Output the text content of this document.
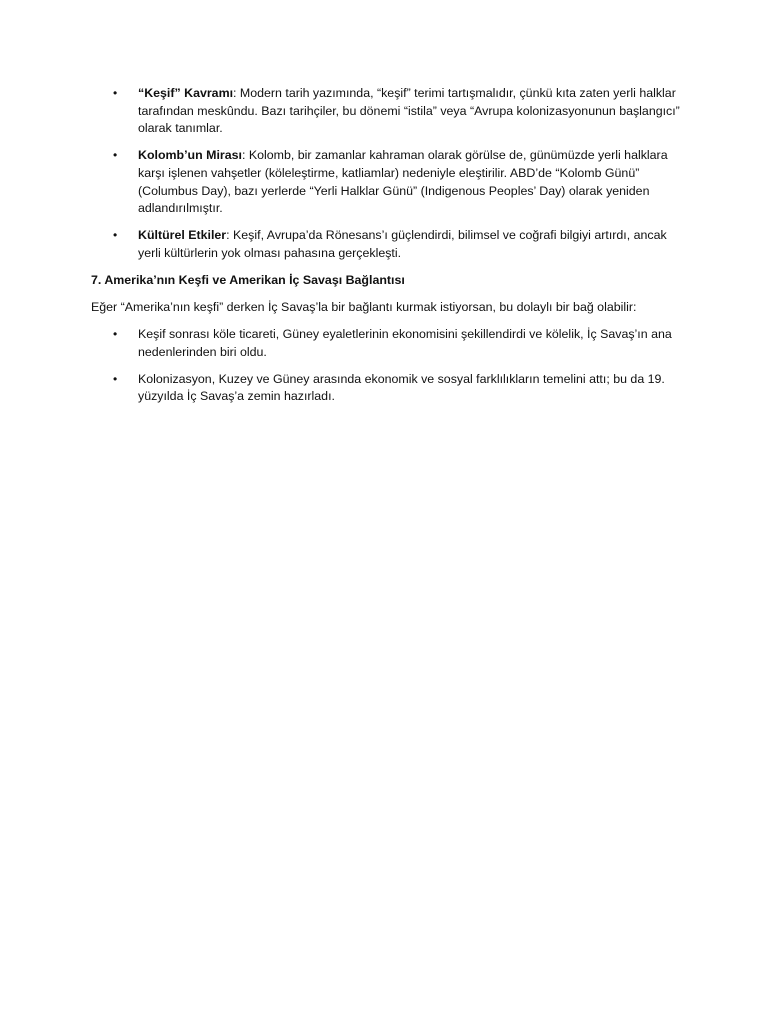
• “Keşif” Kavramı: Modern tarih yazımında, “keşif” terimi tartışmalıdır, çünkü kıta zaten yerli halklar tarafından meskûndu. Bazı tarihçiler, bu dönemi “istila” veya “Avrupa kolonizasyonunun başlangıcı” olarak tanımlar.
• Kolomb’un Mirası: Kolomb, bir zamanlar kahraman olarak görülse de, günümüzde yerli halklara karşı işlenen vahşetler (köleleştirme, katliamlar) nedeniyle eleştirilir. ABD’de “Kolomb Günü” (Columbus Day), bazı yerlerde “Yerli Halklar Günü” (Indigenous Peoples’ Day) olarak yeniden adlandırılmıştır.
• Kültürel Etkiler: Keşif, Avrupa’da Rönesans’ı güçlendirdi, bilimsel ve coğrafi bilgiyi artırdı, ancak yerli kültürlerin yok olması pahasına gerçekleşti.
7. Amerika’nın Keşfi ve Amerikan İç Savaşı Bağlantısı
Eğer “Amerika’nın keşfi” derken İç Savaş’la bir bağlantı kurmak istiyorsan, bu dolaylı bir bağ olabilir:
• Keşif sonrası köle ticareti, Güney eyaletlerinin ekonomisini şekillendirdi ve kölelik, İç Savaş’ın ana nedenlerinden biri oldu.
• Kolonizasyon, Kuzey ve Güney arasında ekonomik ve sosyal farklılıkların temelini attı; bu da 19. yüzyılda İç Savaş’a zemin hazırladı.
